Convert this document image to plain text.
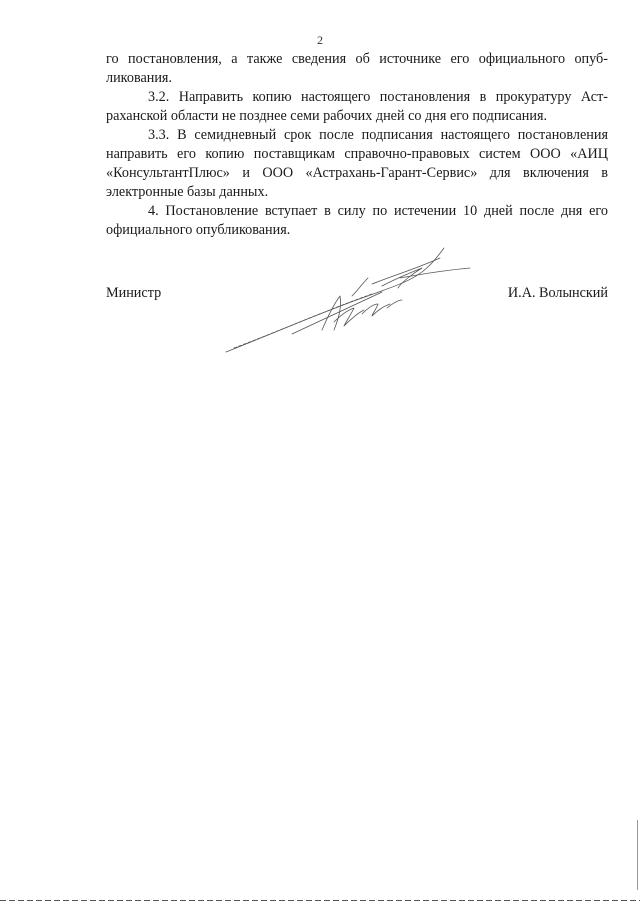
2
го постановления, а также сведения об источнике его официального опуб-
ликования.
3.2. Направить копию настоящего постановления в прокуратуру Аст-
раханской области не позднее семи рабочих дней со дня его подписания.
3.3. В семидневный срок после подписания настоящего постановления
направить его копию поставщикам справочно-правовых систем ООО «АИЦ
«КонсультантПлюс» и ООО «Астрахань-Гарант-Сервис» для включения в
электронные базы данных.
4. Постановление вступает в силу по истечении 10 дней после дня его
официального опубликования.
Министр	И.А. Волынский
